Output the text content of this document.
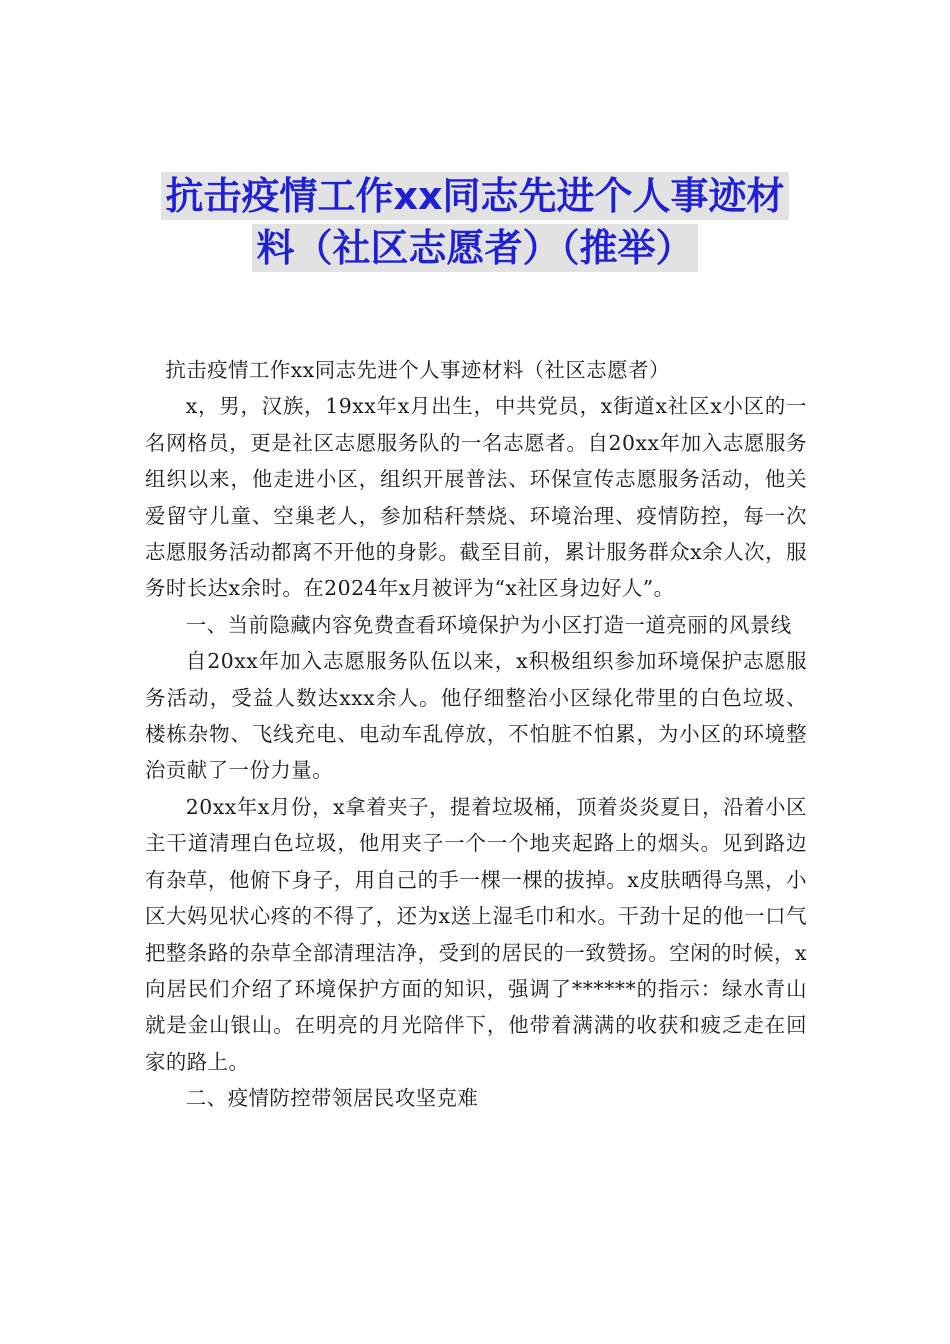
抗击疫情工作xx同志先进个人事迹材
料（社区志愿者）（推举）

抗击疫情工作xx同志先进个人事迹材料（社区志愿者）

x，男，汉族，19xx年x月出生，中共党员，x街道x社区x小区的一名网格员，更是社区志愿服务队的一名志愿者。自20xx年加入志愿服务组织以来，他走进小区，组织开展普法、环保宣传志愿服务活动，他关爱留守儿童、空巢老人，参加秸秆禁烧、环境治理、疫情防控，每一次志愿服务活动都离不开他的身影。截至目前，累计服务群众x余人次，服务时长达x余时。在2024年x月被评为“x社区身边好人”。

一、当前隐藏内容免费查看环境保护为小区打造一道亮丽的风景线

自20xx年加入志愿服务队伍以来，x积极组织参加环境保护志愿服务活动，受益人数达xxx余人。他仔细整治小区绿化带里的白色垃圾、楼栋杂物、飞线充电、电动车乱停放，不怕脏不怕累，为小区的环境整治贡献了一份力量。

20xx年x月份，x拿着夹子，提着垃圾桶，顶着炎炎夏日，沿着小区主干道清理白色垃圾，他用夹子一个一个地夹起路上的烟头。见到路边有杂草，他俯下身子，用自己的手一棵一棵的拔掉。x皮肤晒得乌黑，小区大妈见状心疼的不得了，还为x送上湿毛巾和水。干劲十足的他一口气把整条路的杂草全部清理洁净，受到的居民的一致赞扬。空闲的时候，x向居民们介绍了环境保护方面的知识，强调了******的指示：绿水青山就是金山银山。在明亮的月光陪伴下，他带着满满的收获和疲乏走在回家的路上。

二、疫情防控带领居民攻坚克难
